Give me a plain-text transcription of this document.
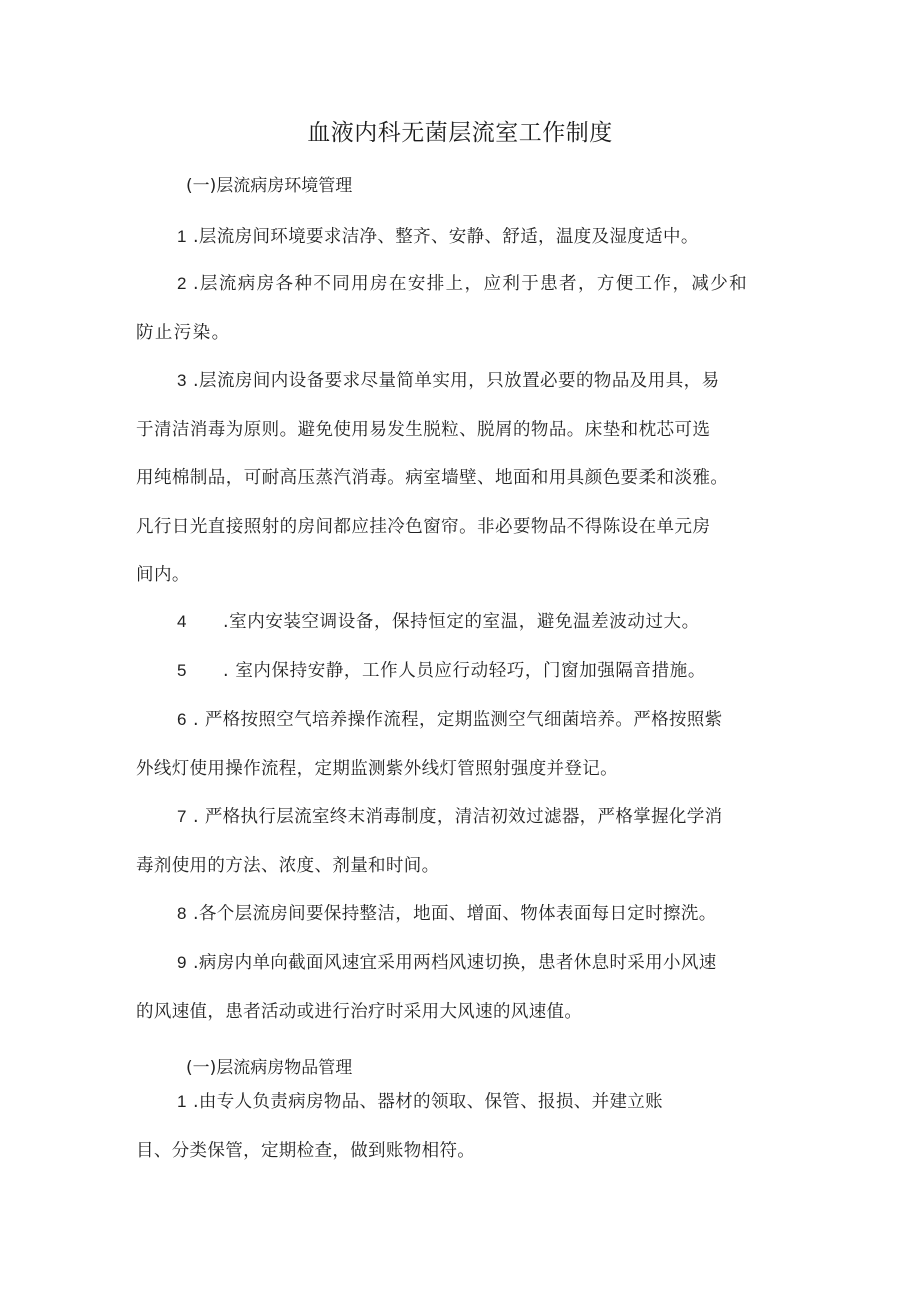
血液内科无菌层流室工作制度
(一)层流病房环境管理
1 .层流房间环境要求洁净、整齐、安静、舒适，温度及湿度适中。
2 .层流病房各种不同用房在安排上，应利于患者，方便工作，减少和
防止污染。
3 .层流房间内设备要求尽量简单实用，只放置必要的物品及用具，易
于清洁消毒为原则。避免使用易发生脱粒、脱屑的物品。床垫和枕芯可选
用纯棉制品，可耐高压蒸汽消毒。病室墙壁、地面和用具颜色要柔和淡雅。
凡行日光直接照射的房间都应挂冷色窗帘。非必要物品不得陈设在单元房
间内。
4 .室内安装空调设备，保持恒定的室温，避免温差波动过大。
5 . 室内保持安静，工作人员应行动轻巧，门窗加强隔音措施。
6 . 严格按照空气培养操作流程，定期监测空气细菌培养。严格按照紫
外线灯使用操作流程，定期监测紫外线灯管照射强度并登记。
7 . 严格执行层流室终末消毒制度，清洁初效过滤器，严格掌握化学消
毒剂使用的方法、浓度、剂量和时间。
8 .各个层流房间要保持整洁，地面、增面、物体表面每日定时擦洗。
9 .病房内单向截面风速宜采用两档风速切换，患者休息时采用小风速
的风速值，患者活动或进行治疗时采用大风速的风速值。
(一)层流病房物品管理
1 .由专人负责病房物品、器材的领取、保管、报损、并建立账
目、分类保管，定期检查，做到账物相符。
